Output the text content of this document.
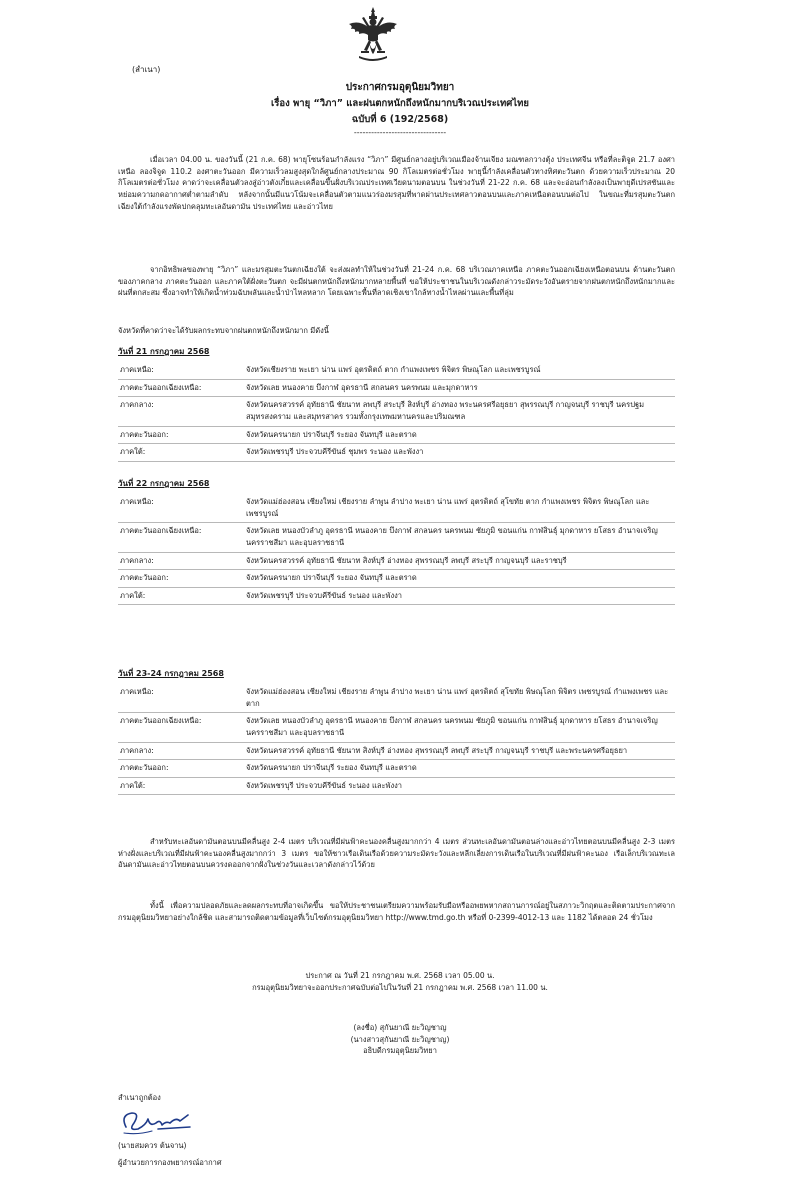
(สำเนา)
ประกาศกรมอุตุนิยมวิทยา
เรื่อง พายุ “วิภา” และฝนตกหนักถึงหนักมากบริเวณประเทศไทย
ฉบับที่ 6 (192/2568)
--------------------------------
เมื่อเวลา 04.00 น. ของวันนี้ (21 ก.ค. 68) พายุโซนร้อนกำลังแรง “วิภา” มีศูนย์กลางอยู่บริเวณเมืองจ้านเจียง มณฑลกวางตุ้ง ประเทศจีน หรือที่ละติจูด 21.7 องศาเหนือ ลองจิจูด 110.2 องศาตะวันออก มีความเร็วลมสูงสุดใกล้ศูนย์กลางประมาณ 90 กิโลเมตรต่อชั่วโมง พายุนี้กำลังเคลื่อนตัวทางทิศตะวันตก ด้วยความเร็วประมาณ 20 กิโลเมตรต่อชั่วโมง คาดว่าจะเคลื่อนตัวลงสู่อ่าวตังเกี๋ยและเคลื่อนขึ้นฝั่งบริเวณประเทศเวียดนามตอนบน ในช่วงวันที่ 21-22 ก.ค. 68 และจะอ่อนกำลังลงเป็นพายุดีเปรสชันและหย่อมความกดอากาศต่ำตามลำดับ หลังจากนั้นมีแนวโน้มจะเคลื่อนตัวตามแนวร่องมรสุมที่พาดผ่านประเทศลาวตอนบนและภาคเหนือตอนบนต่อไป ในขณะที่มรสุมตะวันตกเฉียงใต้กำลังแรงพัดปกคลุมทะเลอันดามัน ประเทศไทย และอ่าวไทย
จากอิทธิพลของพายุ “วิภา” และมรสุมตะวันตกเฉียงใต้ จะส่งผลทำให้ในช่วงวันที่ 21-24 ก.ค. 68 บริเวณภาคเหนือ ภาคตะวันออกเฉียงเหนือตอนบน ด้านตะวันตกของภาคกลาง ภาคตะวันออก และภาคใต้ฝั่งตะวันตก จะมีฝนตกหนักถึงหนักมากหลายพื้นที่ ขอให้ประชาชนในบริเวณดังกล่าวระมัดระวังอันตรายจากฝนตกหนักถึงหนักมากและฝนที่ตกสะสม ซึ่งอาจทำให้เกิดน้ำท่วมฉับพลันและน้ำป่าไหลหลาก โดยเฉพาะพื้นที่ลาดเชิงเขาใกล้ทางน้ำไหลผ่านและพื้นที่ลุ่ม
จังหวัดที่คาดว่าจะได้รับผลกระทบจากฝนตกหนักถึงหนักมาก มีดังนี้
วันที่ 21 กรกฎาคม 2568
ภาคเหนือ:	จังหวัดเชียงราย พะเยา น่าน แพร่ อุตรดิตถ์ ตาก กำแพงเพชร พิจิตร พิษณุโลก และเพชรบูรณ์
ภาคตะวันออกเฉียงเหนือ:	จังหวัดเลย หนองคาย บึงกาฬ อุดรธานี สกลนคร นครพนม และมุกดาหาร
ภาคกลาง:	จังหวัดนครสวรรค์ อุทัยธานี ชัยนาท ลพบุรี สระบุรี สิงห์บุรี อ่างทอง พระนครศรีอยุธยา สุพรรณบุรี กาญจนบุรี ราชบุรี นครปฐม สมุทรสงคราม และสมุทรสาคร รวมทั้งกรุงเทพมหานครและปริมณฑล
ภาคตะวันออก:	จังหวัดนครนายก ปราจีนบุรี ระยอง จันทบุรี และตราด
ภาคใต้:	จังหวัดเพชรบุรี ประจวบคีรีขันธ์ ชุมพร ระนอง และพังงา
วันที่ 22 กรกฎาคม 2568
ภาคเหนือ:	จังหวัดแม่ฮ่องสอน เชียงใหม่ เชียงราย ลำพูน ลำปาง พะเยา น่าน แพร่ อุตรดิตถ์ สุโขทัย ตาก กำแพงเพชร พิจิตร พิษณุโลก และเพชรบูรณ์
ภาคตะวันออกเฉียงเหนือ:	จังหวัดเลย หนองบัวลำภู อุดรธานี หนองคาย บึงกาฬ สกลนคร นครพนม ชัยภูมิ ขอนแก่น กาฬสินธุ์ มุกดาหาร ยโสธร อำนาจเจริญ นครราชสีมา และอุบลราชธานี
ภาคกลาง:	จังหวัดนครสวรรค์ อุทัยธานี ชัยนาท สิงห์บุรี อ่างทอง สุพรรณบุรี ลพบุรี สระบุรี กาญจนบุรี และราชบุรี
ภาคตะวันออก:	จังหวัดนครนายก ปราจีนบุรี ระยอง จันทบุรี และตราด
ภาคใต้:	จังหวัดเพชรบุรี ประจวบคีรีขันธ์ ระนอง และพังงา
วันที่ 23-24 กรกฎาคม 2568
ภาคเหนือ:	จังหวัดแม่ฮ่องสอน เชียงใหม่ เชียงราย ลำพูน ลำปาง พะเยา น่าน แพร่ อุตรดิตถ์ สุโขทัย พิษณุโลก พิจิตร เพชรบูรณ์ กำแพงเพชร และตาก
ภาคตะวันออกเฉียงเหนือ:	จังหวัดเลย หนองบัวลำภู อุดรธานี หนองคาย บึงกาฬ สกลนคร นครพนม ชัยภูมิ ขอนแก่น กาฬสินธุ์ มุกดาหาร ยโสธร อำนาจเจริญ นครราชสีมา และอุบลราชธานี
ภาคกลาง:	จังหวัดนครสวรรค์ อุทัยธานี ชัยนาท สิงห์บุรี อ่างทอง สุพรรณบุรี ลพบุรี สระบุรี กาญจนบุรี ราชบุรี และพระนครศรีอยุธยา
ภาคตะวันออก:	จังหวัดนครนายก ปราจีนบุรี ระยอง จันทบุรี และตราด
ภาคใต้:	จังหวัดเพชรบุรี ประจวบคีรีขันธ์ ระนอง และพังงา
สำหรับทะเลอันดามันตอนบนมีคลื่นสูง 2-4 เมตร บริเวณที่มีฝนฟ้าคะนองคลื่นสูงมากกว่า 4 เมตร ส่วนทะเลอันดามันตอนล่างและอ่าวไทยตอนบนมีคลื่นสูง 2-3 เมตร ห่างฝั่งและบริเวณที่มีฝนฟ้าคะนองคลื่นสูงมากกว่า 3 เมตร ขอให้ชาวเรือเดินเรือด้วยความระมัดระวังและหลีกเลี่ยงการเดินเรือในบริเวณที่มีฝนฟ้าคะนอง เรือเล็กบริเวณทะเลอันดามันและอ่าวไทยตอนบนควรงดออกจากฝั่งในช่วงวันและเวลาดังกล่าวไว้ด้วย
ทั้งนี้ เพื่อความปลอดภัยและลดผลกระทบที่อาจเกิดขึ้น ขอให้ประชาชนเตรียมความพร้อมรับมือหรืออพยพหากสถานการณ์อยู่ในสภาวะวิกฤตและติดตามประกาศจากกรมอุตุนิยมวิทยาอย่างใกล้ชิด และสามารถติดตามข้อมูลที่เว็บไซต์กรมอุตุนิยมวิทยา http://www.tmd.go.th หรือที่ 0-2399-4012-13 และ 1182 ได้ตลอด 24 ชั่วโมง
ประกาศ ณ วันที่ 21 กรกฎาคม พ.ศ. 2568 เวลา 05.00 น.
กรมอุตุนิยมวิทยาจะออกประกาศฉบับต่อไปในวันที่ 21 กรกฎาคม พ.ศ. 2568 เวลา 11.00 น.
(ลงชื่อ) สุกันยาณี ยะวิญชาญ
(นางสาวสุกันยาณี ยะวิญชาญ)
อธิบดีกรมอุตุนิยมวิทยา
สำเนาถูกต้อง
(นายสมควร ต้นจาน)
ผู้อำนวยการกองพยากรณ์อากาศ
